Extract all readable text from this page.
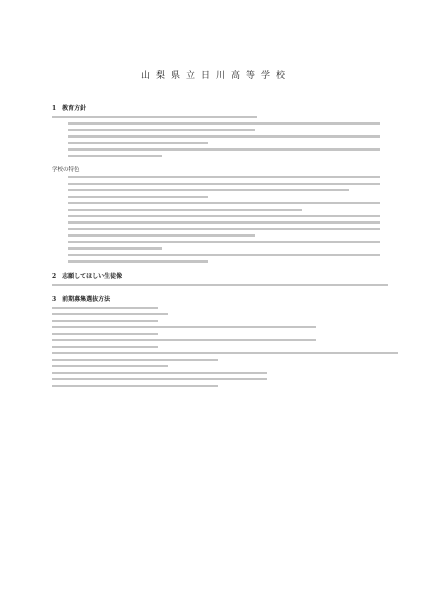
山梨県立日川高等学校
1　教育方針
学校の特色
2　志願してほしい生徒像
3　前期募集選抜方法
